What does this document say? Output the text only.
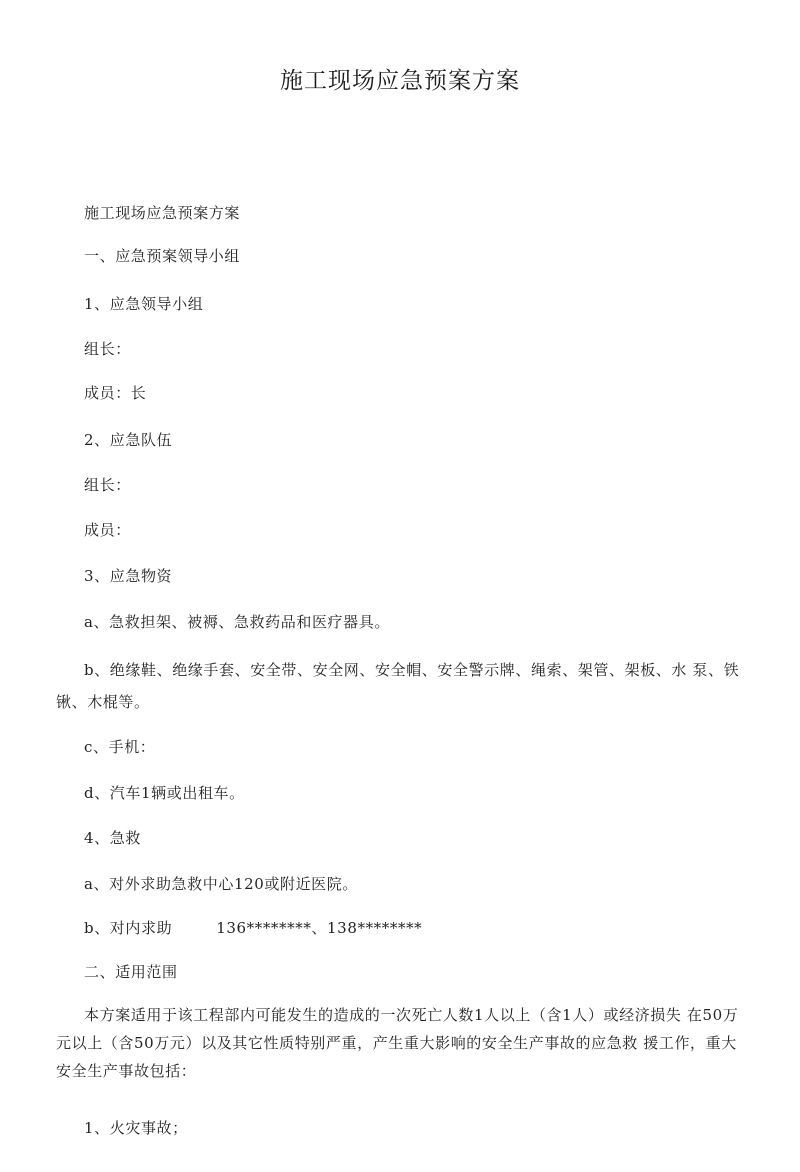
施工现场应急预案方案
施工现场应急预案方案
一、应急预案领导小组
1、应急领导小组
组长：
成员：长
2、应急队伍
组长：
成员：
3、应急物资
a、急救担架、被褥、急救药品和医疗器具。

b、绝缘鞋、绝缘手套、安全带、安全网、安全帽、安全警示牌、绳索、架管、架板、水 泵、铁

锹、木棍等。

c、手机：
d、汽车1辆或出租车。
4、急救
a、对外求助急救中心120或附近医院。
b、对内求助	136********、138********
二、适用范围

本方案适用于该工程部内可能发生的造成的一次死亡人数1人以上（含1人）或经济损失 在50万

元以上（含50万元）以及其它性质特别严重，产生重大影响的安全生产事故的应急救 援工作，重大

安全生产事故包括：

1、火灾事故；
